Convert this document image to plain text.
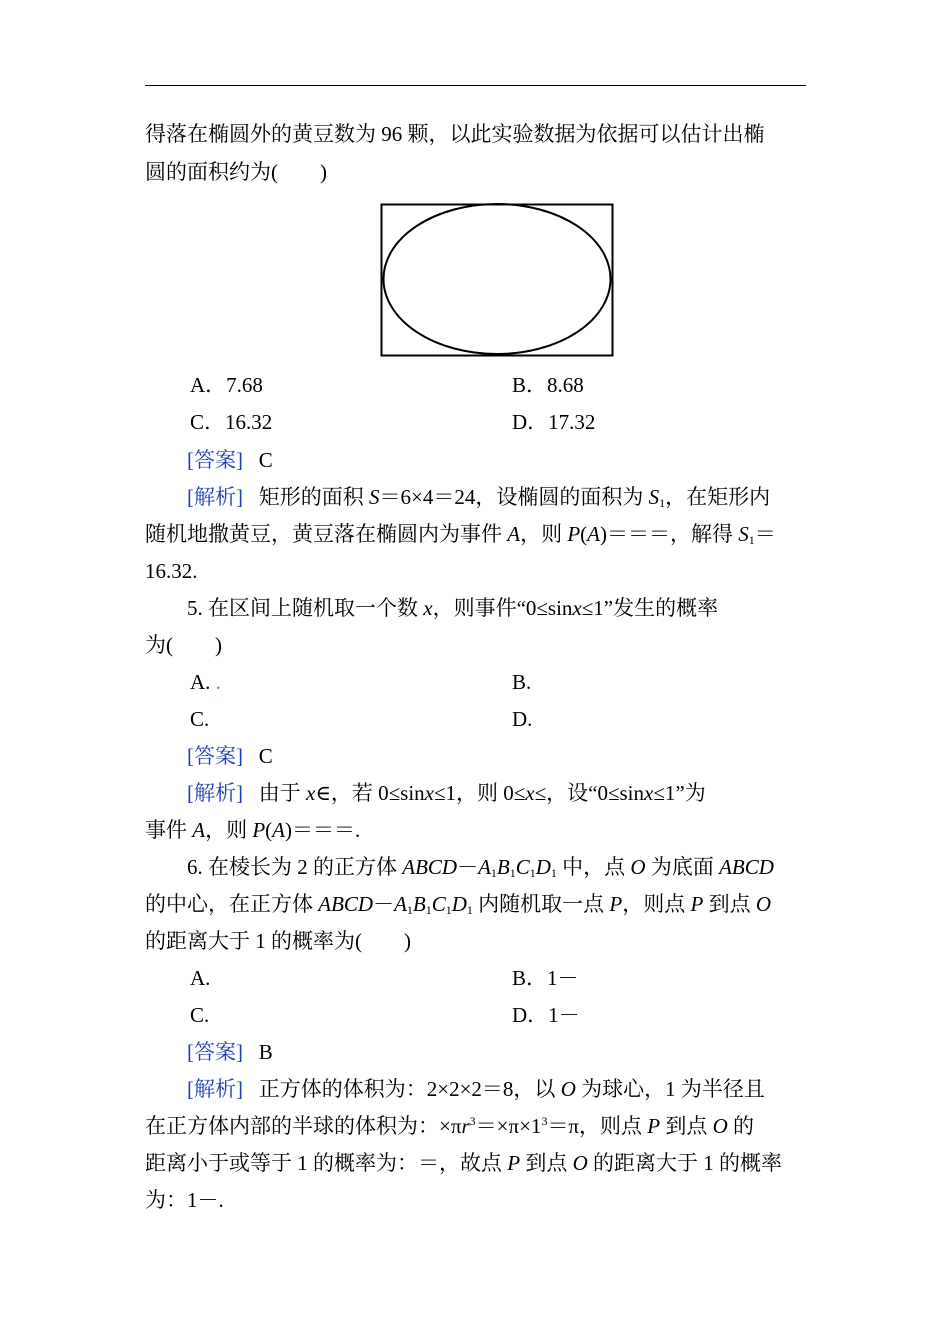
得落在椭圆外的黄豆数为 96 颗，以此实验数据为依据可以估计出椭
圆的面积约为(　　)
A．7.68	B．8.68
C．16.32	D．17.32
[答案] C
[解析] 矩形的面积 S＝6×4＝24，设椭圆的面积为 $S_1$，在矩形内
随机地撒黄豆，黄豆落在椭圆内为事件 A，则 P(A)＝＝＝，解得 $S_1=$
16.32.
5. 在区间上随机取一个数 x，则事件“0≤sinx≤1”发生的概率
为(　　)
A. .	B.
C.	D.
[答案] C
[解析] 由于 x∈，若 0≤sinx≤1，则 0≤x≤，设“0≤sinx≤1”为
事件 A，则 P(A)＝＝＝.
6. 在棱长为 2 的正方体 $ABCD-A_1B_1C_1D_1$ 中，点 O 为底面 ABCD
的中心，在正方体 $ABCD-A_1B_1C_1D_1$ 内随机取一点 P，则点 P 到点 O
的距离大于 1 的概率为(　　)
A.	B．1－
C.	D．1－
[答案] B
[解析] 正方体的体积为：2×2×2＝8，以 O 为球心，1 为半径且
在正方体内部的半球的体积为：$\times\pi r^3=\times\pi\times 1^3=\pi$，则点 P 到点 O 的
距离小于或等于 1 的概率为：＝，故点 P 到点 O 的距离大于 1 的概率
为：1－.
